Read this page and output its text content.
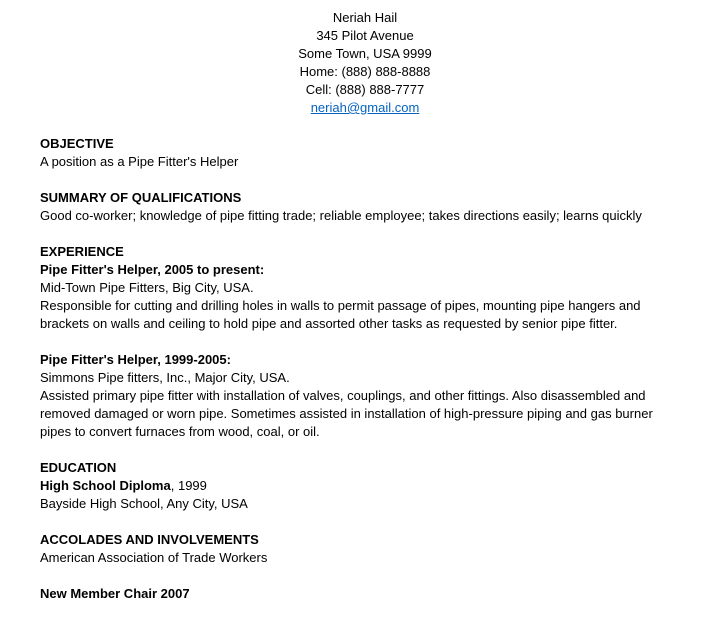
Neriah Hail
345 Pilot Avenue
Some Town, USA 9999
Home: (888) 888-8888
Cell: (888) 888-7777
neriah@gmail.com
OBJECTIVE

A position as a Pipe Fitter's Helper

SUMMARY OF QUALIFICATIONS

Good co-worker; knowledge of pipe fitting trade; reliable employee; takes directions easily; learns quickly

EXPERIENCE

Pipe Fitter's Helper, 2005 to present:

Mid-Town Pipe Fitters, Big City, USA.

Responsible for cutting and drilling holes in walls to permit passage of pipes, mounting pipe hangers and

brackets on walls and ceiling to hold pipe and assorted other tasks as requested by senior pipe fitter.

Pipe Fitter's Helper, 1999-2005:

Simmons Pipe fitters, Inc., Major City, USA.

Assisted primary pipe fitter with installation of valves, couplings, and other fittings. Also disassembled and

removed damaged or worn pipe. Sometimes assisted in installation of high-pressure piping and gas burner

pipes to convert furnaces from wood, coal, or oil.

EDUCATION

High School Diploma, 1999

Bayside High School, Any City, USA

ACCOLADES AND INVOLVEMENTS

American Association of Trade Workers

New Member Chair 2007
